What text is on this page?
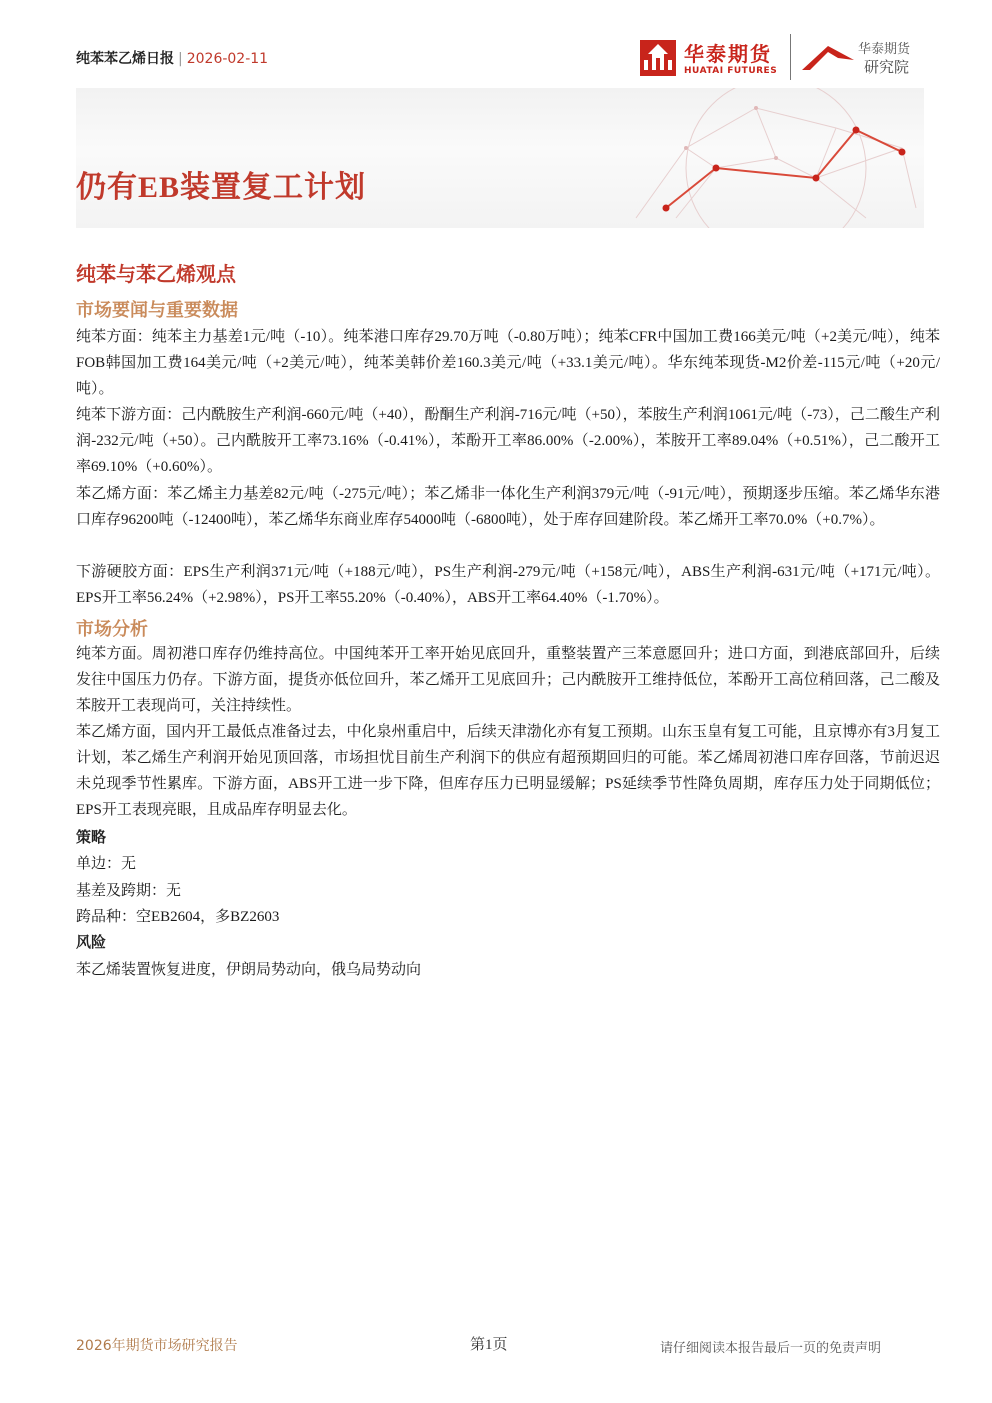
纯苯苯乙烯日报 | 2026-02-11	华泰期货
HUATAI FUTURES
华泰期货
研究院
仍有EB装置复工计划
纯苯与苯乙烯观点
市场要闻与重要数据
纯苯方面：纯苯主力基差1元/吨（-10）。纯苯港口库存29.70万吨（-0.80万吨）；纯苯CFR中国加工费166美元/吨（+2美元/吨），纯苯FOB韩国加工费164美元/吨（+2美元/吨），纯苯美韩价差160.3美元/吨（+33.1美元/吨）。华东纯苯现货-M2价差-115元/吨（+20元/吨）。
纯苯下游方面：己内酰胺生产利润-660元/吨（+40），酚酮生产利润-716元/吨（+50），苯胺生产利润1061元/吨（-73），己二酸生产利润-232元/吨（+50）。己内酰胺开工率73.16%（-0.41%），苯酚开工率86.00%（-2.00%），苯胺开工率89.04%（+0.51%），己二酸开工率69.10%（+0.60%）。
苯乙烯方面：苯乙烯主力基差82元/吨（-275元/吨）；苯乙烯非一体化生产利润379元/吨（-91元/吨），预期逐步压缩。苯乙烯华东港口库存96200吨（-12400吨），苯乙烯华东商业库存54000吨（-6800吨），处于库存回建阶段。苯乙烯开工率70.0%（+0.7%）。
下游硬胶方面：EPS生产利润371元/吨（+188元/吨），PS生产利润-279元/吨（+158元/吨），ABS生产利润-631元/吨（+171元/吨）。EPS开工率56.24%（+2.98%），PS开工率55.20%（-0.40%），ABS开工率64.40%（-1.70%）。
市场分析
纯苯方面。周初港口库存仍维持高位。中国纯苯开工率开始见底回升，重整装置产三苯意愿回升；进口方面，到港底部回升，后续发往中国压力仍存。下游方面，提货亦低位回升，苯乙烯开工见底回升；己内酰胺开工维持低位，苯酚开工高位稍回落，己二酸及苯胺开工表现尚可，关注持续性。
苯乙烯方面，国内开工最低点准备过去，中化泉州重启中，后续天津渤化亦有复工预期。山东玉皇有复工可能，且京博亦有3月复工计划，苯乙烯生产利润开始见顶回落，市场担忧目前生产利润下的供应有超预期回归的可能。苯乙烯周初港口库存回落，节前迟迟未兑现季节性累库。下游方面，ABS开工进一步下降，但库存压力已明显缓解；PS延续季节性降负周期，库存压力处于同期低位；EPS开工表现亮眼，且成品库存明显去化。
策略
单边：无
基差及跨期：无
跨品种：空EB2604，多BZ2603
风险
苯乙烯装置恢复进度，伊朗局势动向，俄乌局势动向
2026年期货市场研究报告	第1页	请仔细阅读本报告最后一页的免责声明
